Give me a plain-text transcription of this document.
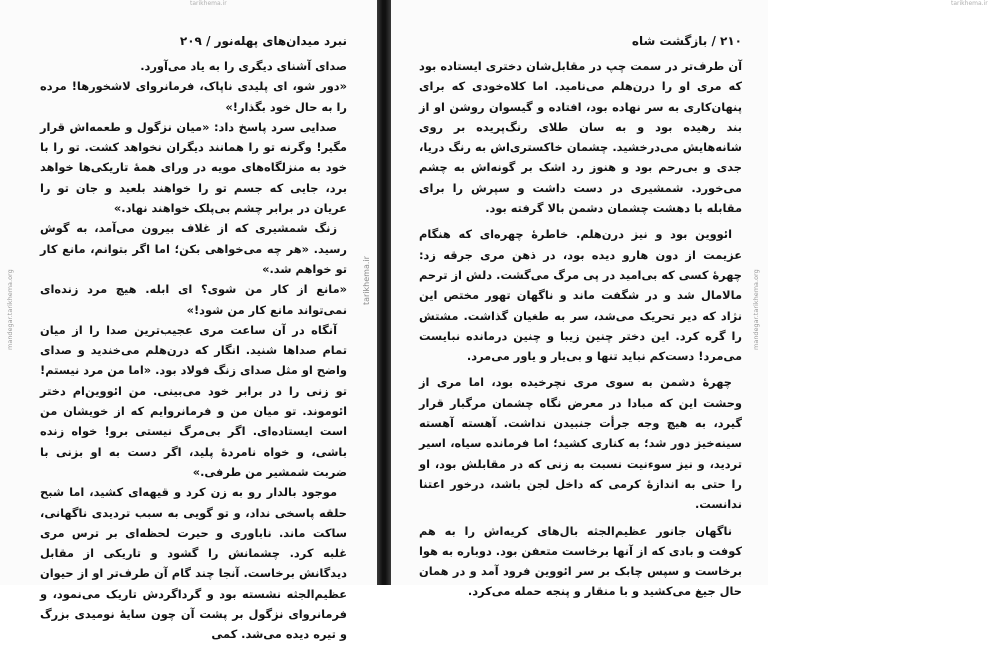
tarikhema.ir
نبرد میدان‌های پهله‌نور / ۲۰۹

صدای آشنای دیگری را به یاد می‌آورد.

«دور شو، ای پلیدی ناپاک، فرمانروای لاشخورها! مرده را به حال خود بگذار!»

صدایی سرد پاسخ داد: «میان نزگول و طعمه‌اش قرار مگیر! وگرنه تو را همانند دیگران نخواهد کشت. تو را با خود به منزلگاه‌های مویه در ورای همهٔ تاریکی‌ها خواهد برد، جایی که جسم تو را خواهند بلعید و جان تو را عریان در برابر چشم بی‌پلک خواهند نهاد.»

زنگ شمشیری که از غلاف بیرون می‌آمد، به گوش رسید. «هر چه می‌خواهی بکن؛ اما اگر بتوانم، مانع کار تو خواهم شد.»

«مانع از کار من شوی؟ ای ابله. هیچ مرد زنده‌ای نمی‌تواند مانع کار من شود!»

آنگاه در آن ساعت مری عجیب‌ترین صدا را از میان تمام صداها شنید. انگار که درن‌هلم می‌خندید و صدای واضح او مثل صدای زنگ فولاد بود. «اما من مرد نیستم! تو زنی را در برابر خود می‌بینی. من ائووین‌ام دختر ائوموند. تو میان من و فرمانروایم که از خویشان من است ایستاده‌ای. اگر بی‌مرگ نیستی برو! خواه زنده باشی، و خواه نامردهٔ پلید، اگر دست به او بزنی با ضربت شمشیر من طرفی.»

موجود بالدار رو به زن کرد و قیهه‌ای کشید، اما شبح حلقه پاسخی نداد، و تو گویی به سبب تردیدی ناگهانی، ساکت ماند. ناباوری و حیرت لحظه‌ای بر ترس مری غلبه کرد. چشمانش را گشود و تاریکی از مقابل دیدگانش برخاست. آنجا چند گام آن طرف‌تر او از حیوان عظیم‌الجثه نشسته بود و گرداگردش تاریک می‌نمود، و فرمانروای نزگول بر پشت آن چون سایهٔ نومیدی بزرگ و تیره دیده می‌شد. کمی

tarikhema.ir
۲۱۰ / بازگشت شاه

آن طرف‌تر در سمت چپ در مقابل‌شان دختری ایستاده بود که مری او را درن‌هلم می‌نامید. اما کلاه‌خودی که برای پنهان‌کاری به سر نهاده بود، افتاده و گیسوان روشن او از بند رهیده بود و به سان طلای رنگ‌پریده بر روی شانه‌هایش می‌درخشید. چشمان خاکستری‌اش به رنگ دریا، جدی و بی‌رحم بود و هنوز رد اشک بر گونه‌اش به چشم می‌خورد. شمشیری در دست داشت و سپرش را برای مقابله با دهشت چشمان دشمن بالا گرفته بود.

ائووین بود و نیز درن‌هلم. خاطرهٔ چهره‌ای که هنگام عزیمت از دون هارو دیده بود، در ذهن مری جرقه زد: چهرهٔ کسی که بی‌امید در پی مرگ می‌گشت. دلش از ترحم مالامال شد و در شگفت ماند و ناگهان تهور مختص این نژاد که دیر تحریک می‌شد، سر به طغیان گذاشت. مشتش را گره کرد. این دختر چنین زیبا و چنین درمانده نبایست می‌مرد! دست‌کم نباید تنها و بی‌یار و یاور می‌مرد.

چهرهٔ دشمن به سوی مری نچرخیده بود، اما مری از وحشت این که مبادا در معرض نگاه چشمان مرگبار قرار گیرد، به هیچ وجه جرأت جنبیدن نداشت. آهسته آهسته سینه‌خیز دور شد؛ به کناری کشید؛ اما فرمانده سیاه، اسیر تردید، و نیز سوءنیت نسبت به زنی که در مقابلش بود، او را حتی به اندازهٔ کرمی که داخل لجن باشد، درخور اعتنا ندانست.

ناگهان جانور عظیم‌الجثه بال‌های کریه‌اش را به هم کوفت و بادی که از آنها برخاست متعفن بود. دوباره به هوا برخاست و سپس چابک بر سر ائووین فرود آمد و در همان حال جیغ می‌کشید و با منقار و پنجه حمله می‌کرد.

mandegar.tarikhema.org	tarikhema.ir	mandegar.tarikhema.org
